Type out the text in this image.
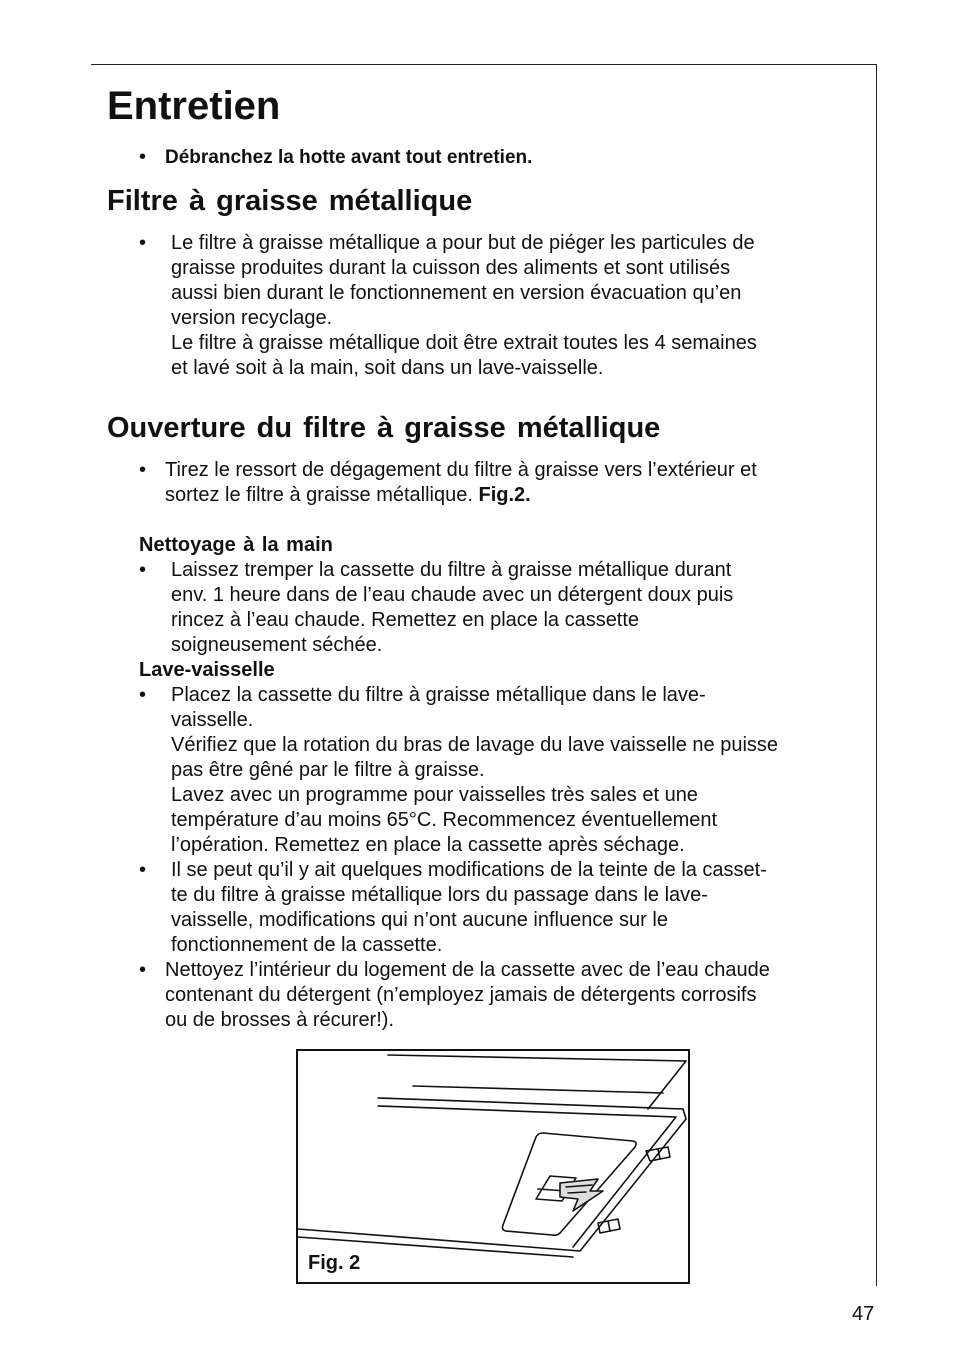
Entretien
• Débranchez la hotte avant tout entretien.
Filtre à graisse métallique
• Le filtre à graisse métallique a pour but de piéger les particules de
graisse produites durant la cuisson des aliments et sont utilisés
aussi bien durant le fonctionnement en version évacuation qu’en
version recyclage.
Le filtre à graisse métallique doit être extrait toutes les 4 semaines
et lavé soit à la main, soit dans un lave-vaisselle.
Ouverture du filtre à graisse métallique
• Tirez le ressort de dégagement du filtre à graisse vers l’extérieur et
sortez le filtre à graisse métallique. Fig.2.
Nettoyage à la main
• Laissez tremper la cassette du filtre à graisse métallique durant
env. 1 heure dans de l’eau chaude avec un détergent doux puis
rincez à l’eau chaude. Remettez en place la cassette
soigneusement séchée.
Lave-vaisselle
• Placez la cassette du filtre à graisse métallique dans le lave-
vaisselle.
Vérifiez que la rotation du bras de lavage du lave vaisselle ne puisse
pas être gêné par le filtre à graisse.
Lavez avec un programme pour vaisselles très sales et une
température d’au moins 65°C. Recommencez éventuellement
l’opération. Remettez en place la cassette après séchage.
• Il se peut qu’il y ait quelques modifications de la teinte de la casset-
te du filtre à graisse métallique lors du passage dans le lave-
vaisselle, modifications qui n’ont aucune influence sur le
fonctionnement de la cassette.
• Nettoyez l’intérieur du logement de la cassette avec de l’eau chaude
contenant du détergent (n’employez jamais de détergents corrosifs
ou de brosses à récurer!).
Fig. 2
47
